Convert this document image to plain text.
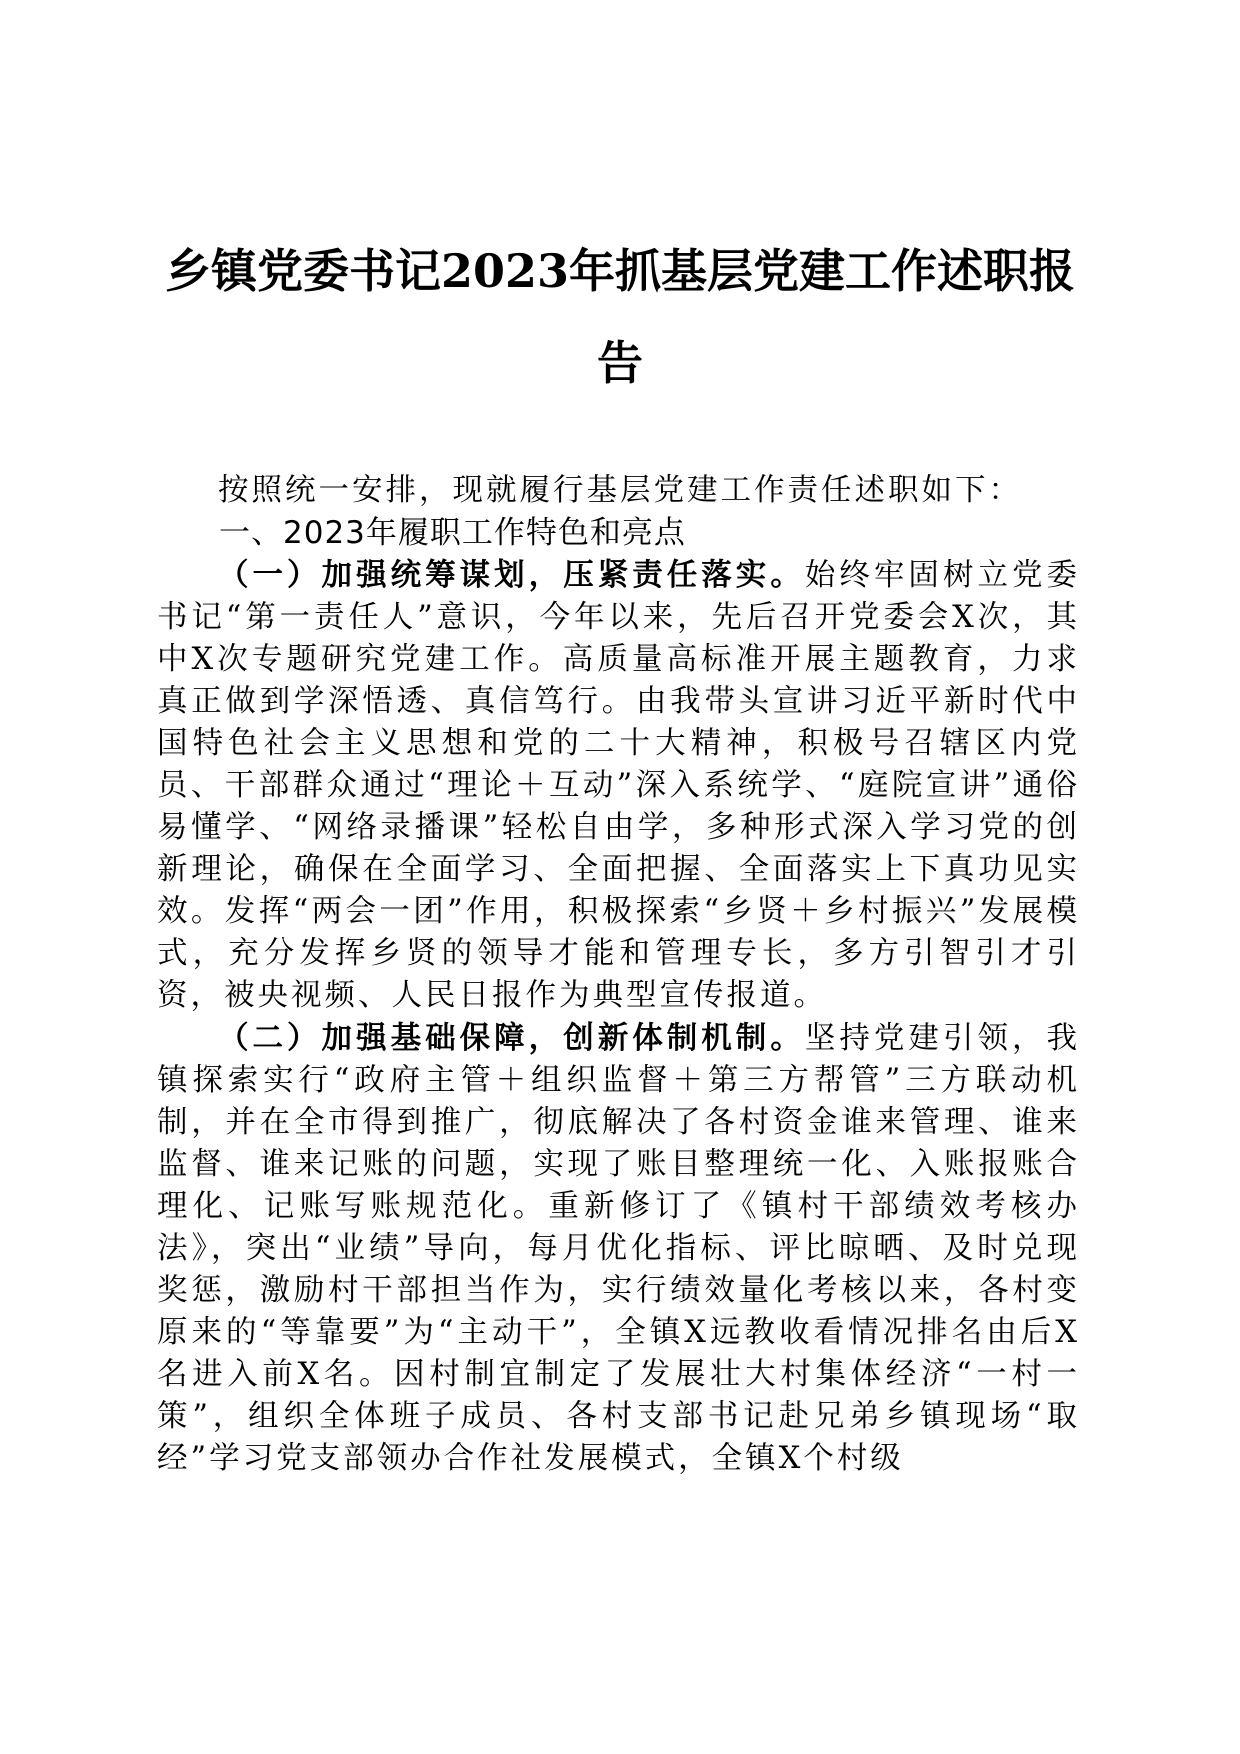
乡镇党委书记2023年抓基层党建工作述职报告

按照统一安排，现就履行基层党建工作责任述职如下：

一、2023年履职工作特色和亮点

（一）加强统筹谋划，压紧责任落实。始终牢固树立党委书记“第一责任人”意识，今年以来，先后召开党委会X次，其中X次专题研究党建工作。高质量高标准开展主题教育，力求真正做到学深悟透、真信笃行。由我带头宣讲习近平新时代中国特色社会主义思想和党的二十大精神，积极号召辖区内党员、干部群众通过“理论＋互动”深入系统学、“庭院宣讲”通俗易懂学、“网络录播课”轻松自由学，多种形式深入学习党的创新理论，确保在全面学习、全面把握、全面落实上下真功见实效。发挥“两会一团”作用，积极探索“乡贤＋乡村振兴”发展模式，充分发挥乡贤的领导才能和管理专长，多方引智引才引资，被央视频、人民日报作为典型宣传报道。

（二）加强基础保障，创新体制机制。坚持党建引领，我镇探索实行“政府主管＋组织监督＋第三方帮管”三方联动机制，并在全市得到推广，彻底解决了各村资金谁来管理、谁来监督、谁来记账的问题，实现了账目整理统一化、入账报账合理化、记账写账规范化。重新修订了《镇村干部绩效考核办法》，突出“业绩”导向，每月优化指标、评比晾晒、及时兑现奖惩，激励村干部担当作为，实行绩效量化考核以来，各村变原来的“等靠要”为“主动干”，全镇X远教收看情况排名由后X名进入前X名。因村制宜制定了发展壮大村集体经济“一村一策”，组织全体班子成员、各村支部书记赴兄弟乡镇现场“取经”学习党支部领办合作社发展模式，全镇X个村级
